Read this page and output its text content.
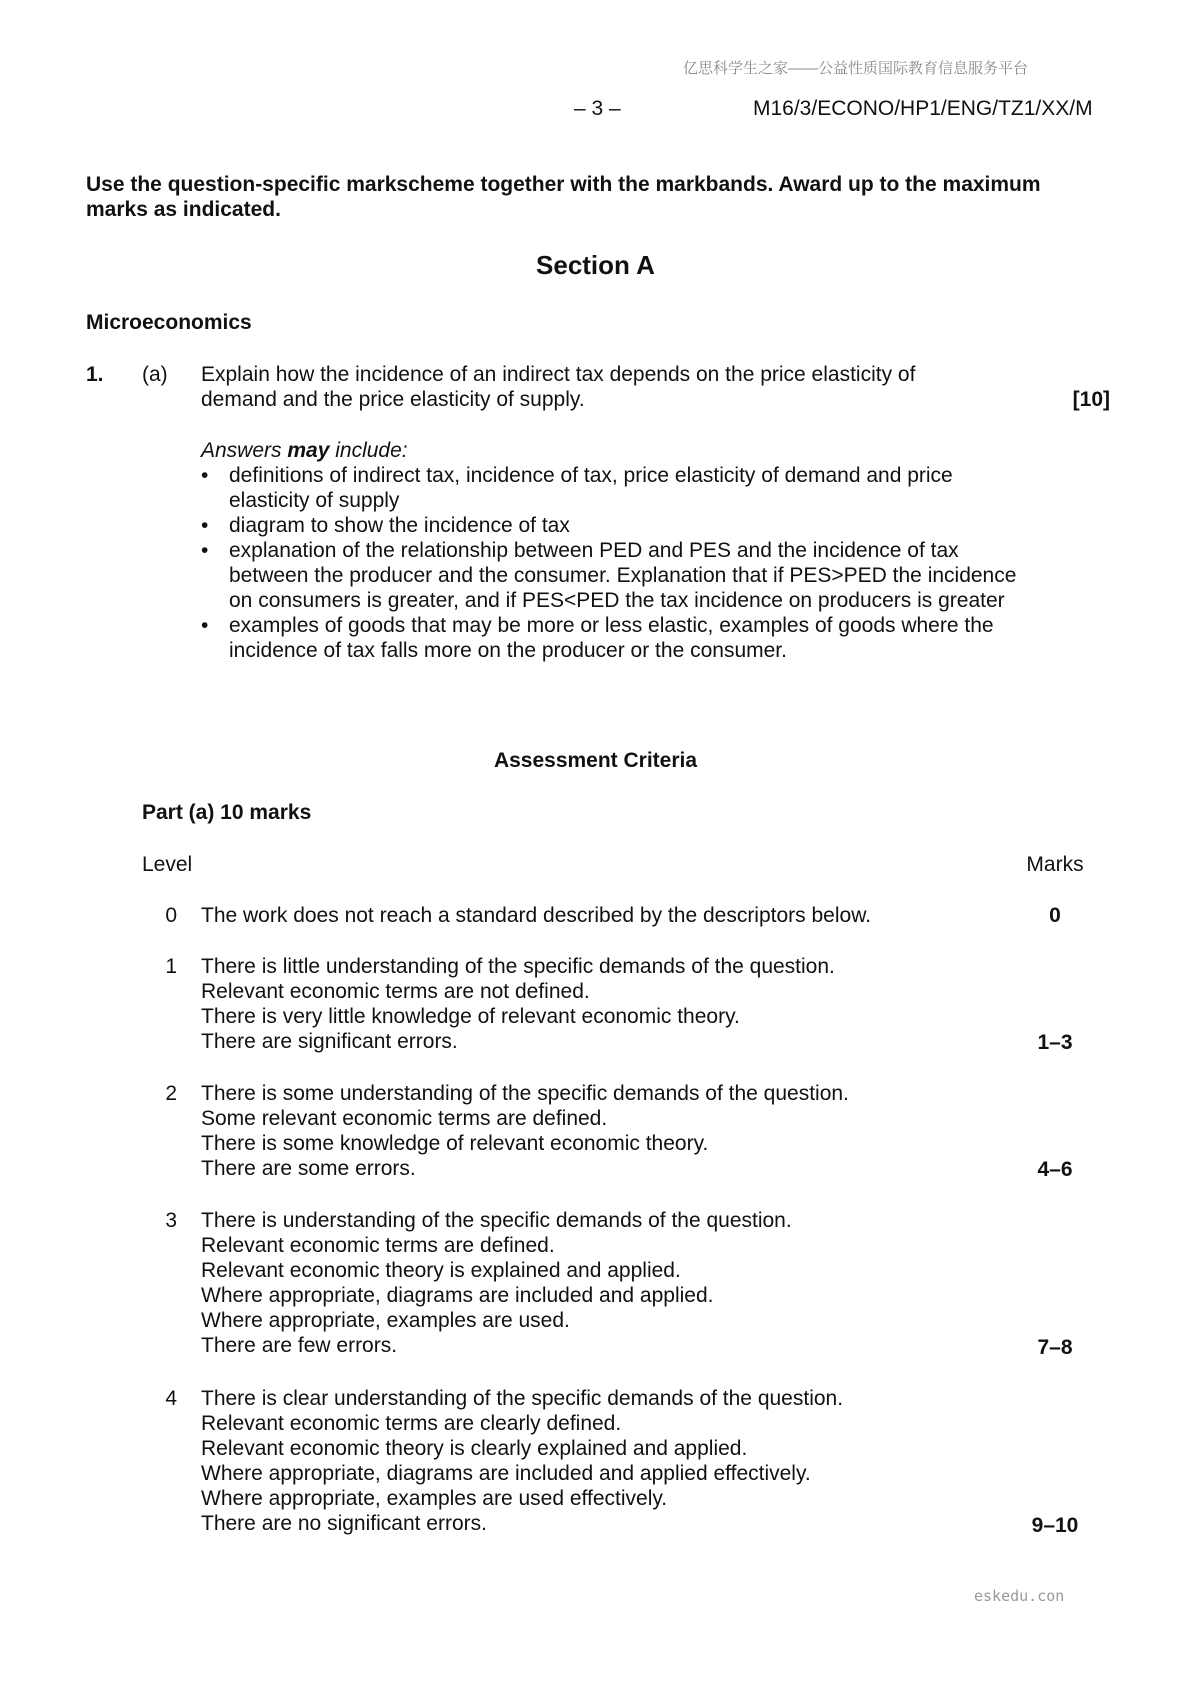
亿思科学生之家——公益性质国际教育信息服务平台
– 3 –	M16/3/ECONO/HP1/ENG/TZ1/XX/M
Use the question-specific markscheme together with the markbands. Award up to the maximum
marks as indicated.
Section A
Microeconomics
1. (a) Explain how the incidence of an indirect tax depends on the price elasticity of
demand and the price elasticity of supply.	[10]
Answers may include:
• definitions of indirect tax, incidence of tax, price elasticity of demand and price elasticity of supply
• diagram to show the incidence of tax
• explanation of the relationship between PED and PES and the incidence of tax between the producer and the consumer. Explanation that if PES>PED the incidence on consumers is greater, and if PES<PED the tax incidence on producers is greater
• examples of goods that may be more or less elastic, examples of goods where the incidence of tax falls more on the producer or the consumer.
Assessment Criteria
Part (a) 10 marks
Level	Marks
0 The work does not reach a standard described by the descriptors below.	0
1 There is little understanding of the specific demands of the question.
Relevant economic terms are not defined.
There is very little knowledge of relevant economic theory.
There are significant errors.	1–3
2 There is some understanding of the specific demands of the question.
Some relevant economic terms are defined.
There is some knowledge of relevant economic theory.
There are some errors.	4–6
3 There is understanding of the specific demands of the question.
Relevant economic terms are defined.
Relevant economic theory is explained and applied.
Where appropriate, diagrams are included and applied.
Where appropriate, examples are used.
There are few errors.	7–8
4 There is clear understanding of the specific demands of the question.
Relevant economic terms are clearly defined.
Relevant economic theory is clearly explained and applied.
Where appropriate, diagrams are included and applied effectively.
Where appropriate, examples are used effectively.
There are no significant errors.	9–10
eskedu.con
